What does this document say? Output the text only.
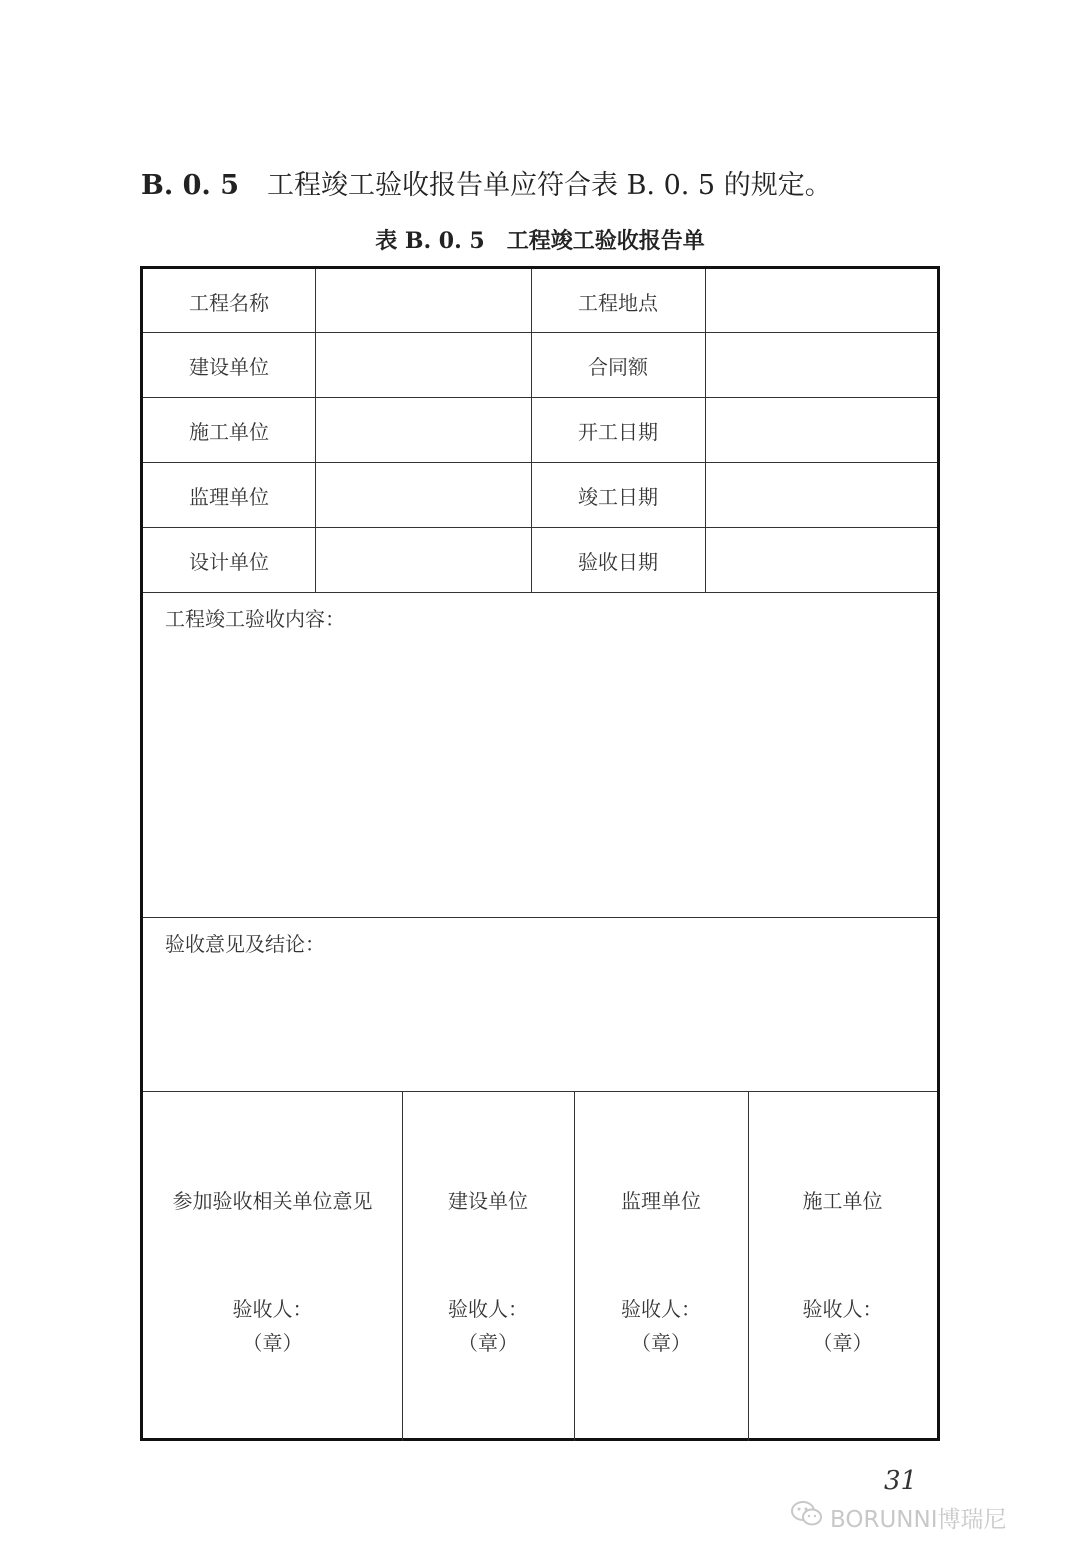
B. 0. 5 工程竣工验收报告单应符合表 B. 0. 5 的规定。
表 B. 0. 5 工程竣工验收报告单
工程名称	工程地点
建设单位	合同额
施工单位	开工日期
监理单位	竣工日期
设计单位	验收日期
工程竣工验收内容：
验收意见及结论：
参加验收相关单位意见
验收人：
（章）
建设单位
验收人：
（章）
监理单位
验收人：
（章）
施工单位
验收人：
（章）
31
BORUNNI博瑞尼
